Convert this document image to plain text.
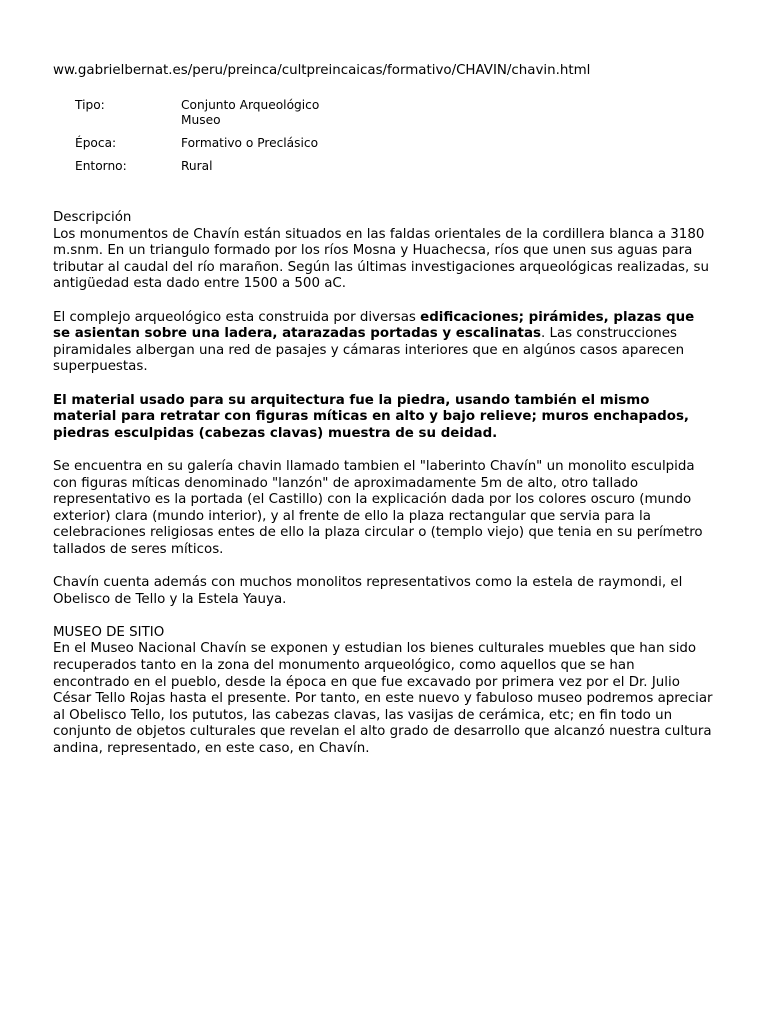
ww.gabrielbernat.es/peru/preinca/cultpreincaicas/formativo/CHAVIN/chavin.html
Tipo:	Conjunto Arqueológico
Museo

Época:	Formativo o Preclásico
Entorno:	Rural
Descripción

Los monumentos de Chavín están situados en las faldas orientales de la cordillera blanca a 3180 m.snm. En un triangulo formado por los ríos Mosna y Huachecsa, ríos que unen sus aguas para tributar al caudal del río marañon. Según las últimas investigaciones arqueológicas realizadas, su antigüedad esta dado entre 1500 a 500 aC.

El complejo arqueológico esta construida por diversas edificaciones; pirámides, plazas que se asientan sobre una ladera, atarazadas portadas y escalinatas. Las construcciones piramidales albergan una red de pasajes y cámaras interiores que en algúnos casos aparecen superpuestas.

El material usado para su arquitectura fue la piedra, usando también el mismo material para retratar con figuras míticas en alto y bajo relieve; muros enchapados, piedras esculpidas (cabezas clavas) muestra de su deidad.

Se encuentra en su galería chavin llamado tambien el "laberinto Chavín" un monolito esculpida con figuras míticas denominado "lanzón" de aproximadamente 5m de alto, otro tallado representativo es la portada (el Castillo) con la explicación dada por los colores oscuro (mundo exterior) clara (mundo interior), y al frente de ello la plaza rectangular que servia para la celebraciones religiosas entes de ello la plaza circular o (templo viejo) que tenia en su perímetro tallados de seres míticos.

Chavín cuenta además con muchos monolitos representativos como la estela de raymondi, el Obelisco de Tello y la Estela Yauya.

MUSEO DE SITIO

En el Museo Nacional Chavín se exponen y estudian los bienes culturales muebles que han sido recuperados tanto en la zona del monumento arqueológico, como aquellos que se han encontrado en el pueblo, desde la época en que fue excavado por primera vez por el Dr. Julio César Tello Rojas hasta el presente. Por tanto, en este nuevo y fabuloso museo podremos apreciar al Obelisco Tello, los pututos, las cabezas clavas, las vasijas de cerámica, etc; en fin todo un conjunto de objetos culturales que revelan el alto grado de desarrollo que alcanzó nuestra cultura andina, representado, en este caso, en Chavín.
